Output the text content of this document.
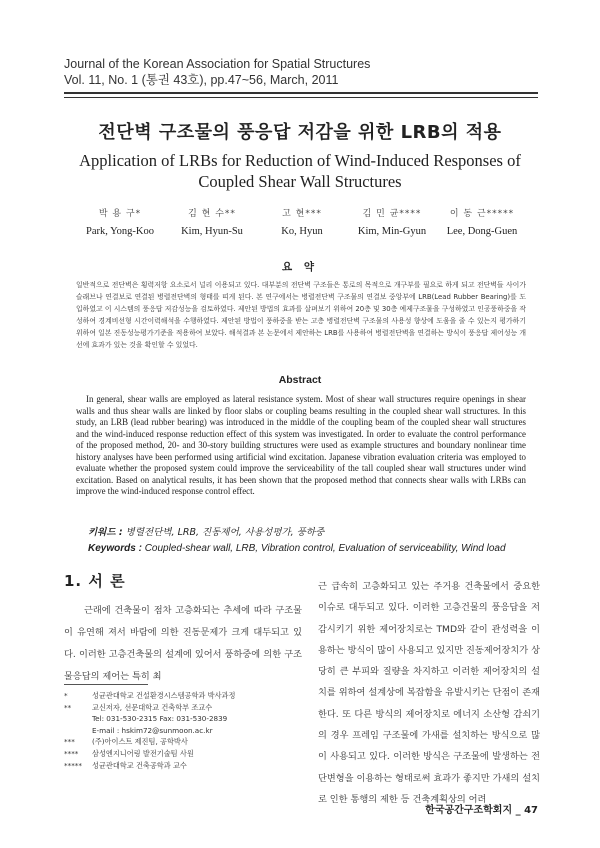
Journal of the Korean Association for Spatial Structures
Vol. 11, No. 1 (통권 43호), pp.47~56, March, 2011
전단벽 구조물의 풍응답 저감을 위한 LRB의 적용
Application of LRBs for Reduction of Wind-Induced Responses of Coupled Shear Wall Structures
박 용 구*
Park, Yong-Koo
김 현 수**
Kim, Hyun-Su
고 현***
Ko, Hyun
김 민 균****
Kim, Min-Gyun
이 동 근*****
Lee, Dong-Guen
요 약
일반적으로 전단벽은 횡력저항 요소로서 널리 이용되고 있다. 대부분의 전단벽 구조들은 통로의 목적으로 개구부를 필요로 하게 되고 전단벽들 사이가 슬래브나 연결보로 연결된 병렬전단벽의 형태를 띠게 된다. 본 연구에서는 병렬전단벽 구조물의 연결보 중앙부에 LRB(Lead Rubber Bearing)를 도입하였고 이 시스템의 풍응답 저감성능을 검토하였다. 제안된 방법의 효과를 살펴보기 위하여 20층 및 30층 예제구조물을 구성하였고 인공풍하중을 작성하여 경계비선형 시간이력해석을 수행하였다. 제안된 방법이 풍하중을 받는 고층 병렬전단벽 구조물의 사용성 향상에 도움을 줄 수 있는지 평가하기 위하여 일본 진동성능평가기준을 적용하여 보았다. 해석결과 본 논문에서 제안하는 LRB를 사용하여 병렬전단벽을 연결하는 방식이 풍응답 제어성능 개선에 효과가 있는 것을 확인할 수 있었다.
Abstract
In general, shear walls are employed as lateral resistance system. Most of shear wall structures require openings in shear walls and thus shear walls are linked by floor slabs or coupling beams resulting in the coupled shear wall structures. In this study, an LRB (lead rubber bearing) was introduced in the middle of the coupling beam of the coupled shear wall structures and the wind-induced response reduction effect of this system was investigated. In order to evaluate the control performance of the proposed method, 20- and 30-story building structures were used as example structures and boundary nonlinear time history analyses have been performed using artificial wind excitation. Japanese vibration evaluation criteria was employed to evaluate whether the proposed system could improve the serviceability of the tall coupled shear wall structures under wind excitation. Based on analytical results, it has been shown that the proposed method that connects shear walls with LRBs can improve the wind-induced response control effect.
키워드 : 병렬전단벽, LRB, 진동제어, 사용성평가, 풍하중
Keywords : Coupled-shear wall, LRB, Vibration control, Evaluation of serviceability, Wind load
1. 서 론
근래에 건축물이 점차 고층화되는 추세에 따라 구조물이 유연해 져서 바람에 의한 진동문제가 크게 대두되고 있다. 이러한 고층건축물의 설계에 있어서 풍하중에 의한 구조물응답의 제어는 특히 최
*	성균관대학교 건설환경시스템공학과 박사과정
**	교신저자, 선문대학교 건축학부 조교수
Tel: 031-530-2315 Fax: 031-530-2839
E-mail : hskim72@sunmoon.ac.kr
***	(주)아이스트 제진팀, 공학박사
****	삼성엔지니어링 발전기술팀 사원
*****	성균관대학교 건축공학과 교수
근 급속히 고층화되고 있는 주거용 건축물에서 중요한 이슈로 대두되고 있다. 이러한 고층건물의 풍응답을 저감시키기 위한 제어장치로는 TMD와 같이 관성력을 이용하는 방식이 많이 사용되고 있지만 진동제어장치가 상당히 큰 부피와 질량을 차지하고 이러한 제어장치의 설치를 위하여 설계상에 복잡함을 유발시키는 단점이 존재한다. 또 다른 방식의 제어장치로 에너지 소산형 감쇠기의 경우 프레임 구조물에 가새를 설치하는 방식으로 많이 사용되고 있다. 이러한 방식은 구조물에 발생하는 전단변형을 이용하는 형태로써 효과가 좋지만 가새의 설치로 인한 통행의 제한 등 건축계획상의 어려
한국공간구조학회지 _ 47
